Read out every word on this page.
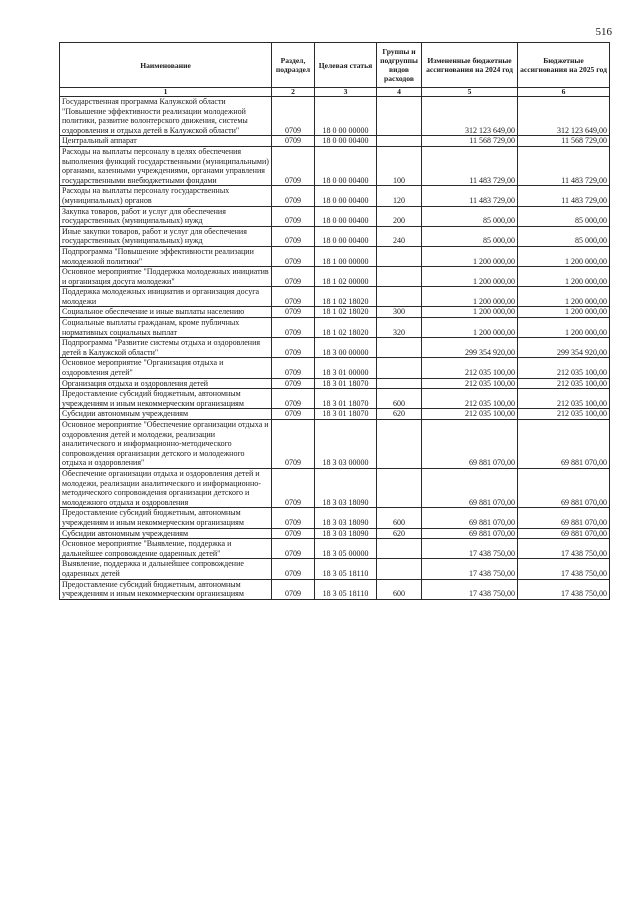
516
Наименование	Раздел, подраздел	Целевая статья	Группы и подгруппы видов расходов	Измененные бюджетные ассигнования на 2024 год	Бюджетные ассигнования на 2025 год
1	2	3	4	5	6
Государственная программа Калужской области "Повышение эффективности реализации молодежной политики, развитие волонтерского движения, системы оздоровления и отдыха детей в Калужской области"	0709	18 0 00 00000		312 123 649,00	312 123 649,00
Центральный аппарат	0709	18 0 00 00400		11 568 729,00	11 568 729,00
Расходы на выплаты персоналу в целях обеспечения выполнения функций государственными (муниципальными) органами, казенными учреждениями, органами управления государственными внебюджетными фондами	0709	18 0 00 00400	100	11 483 729,00	11 483 729,00
Расходы на выплаты персоналу государственных (муниципальных) органов	0709	18 0 00 00400	120	11 483 729,00	11 483 729,00
Закупка товаров, работ и услуг для обеспечения государственных (муниципальных) нужд	0709	18 0 00 00400	200	85 000,00	85 000,00
Иные закупки товаров, работ и услуг для обеспечения государственных (муниципальных) нужд	0709	18 0 00 00400	240	85 000,00	85 000,00
Подпрограмма "Повышение эффективности реализации молодежной политики"	0709	18 1 00 00000		1 200 000,00	1 200 000,00
Основное мероприятие "Поддержка молодежных инициатив и организация досуга молодежи"	0709	18 1 02 00000		1 200 000,00	1 200 000,00
Поддержка молодежных инициатив и организация досуга молодежи	0709	18 1 02 18020		1 200 000,00	1 200 000,00
Социальное обеспечение и иные выплаты населению	0709	18 1 02 18020	300	1 200 000,00	1 200 000,00
Социальные выплаты гражданам, кроме публичных нормативных социальных выплат	0709	18 1 02 18020	320	1 200 000,00	1 200 000,00
Подпрограмма "Развитие системы отдыха и оздоровления детей в Калужской области"	0709	18 3 00 00000		299 354 920,00	299 354 920,00
Основное мероприятие "Организация отдыха и оздоровления детей"	0709	18 3 01 00000		212 035 100,00	212 035 100,00
Организация отдыха и оздоровления детей	0709	18 3 01 18070		212 035 100,00	212 035 100,00
Предоставление субсидий бюджетным, автономным учреждениям и иным некоммерческим организациям	0709	18 3 01 18070	600	212 035 100,00	212 035 100,00
Субсидии автономным учреждениям	0709	18 3 01 18070	620	212 035 100,00	212 035 100,00
Основное мероприятие "Обеспечение организации отдыха и оздоровления детей и молодежи, реализации аналитического и информационно-методического сопровождения организации детского и молодежного отдыха и оздоровления"	0709	18 3 03 00000		69 881 070,00	69 881 070,00
Обеспечение организации отдыха и оздоровления детей и молодежи, реализации аналитического и информационно-методического сопровождения организации детского и молодежного отдыха и оздоровления	0709	18 3 03 18090		69 881 070,00	69 881 070,00
Предоставление субсидий бюджетным, автономным учреждениям и иным некоммерческим организациям	0709	18 3 03 18090	600	69 881 070,00	69 881 070,00
Субсидии автономным учреждениям	0709	18 3 03 18090	620	69 881 070,00	69 881 070,00
Основное мероприятие "Выявление, поддержка и дальнейшее сопровождение одаренных детей"	0709	18 3 05 00000		17 438 750,00	17 438 750,00
Выявление, поддержка и дальнейшее сопровождение одаренных детей	0709	18 3 05 18110		17 438 750,00	17 438 750,00
Предоставление субсидий бюджетным, автономным учреждениям и иным некоммерческим организациям	0709	18 3 05 18110	600	17 438 750,00	17 438 750,00
